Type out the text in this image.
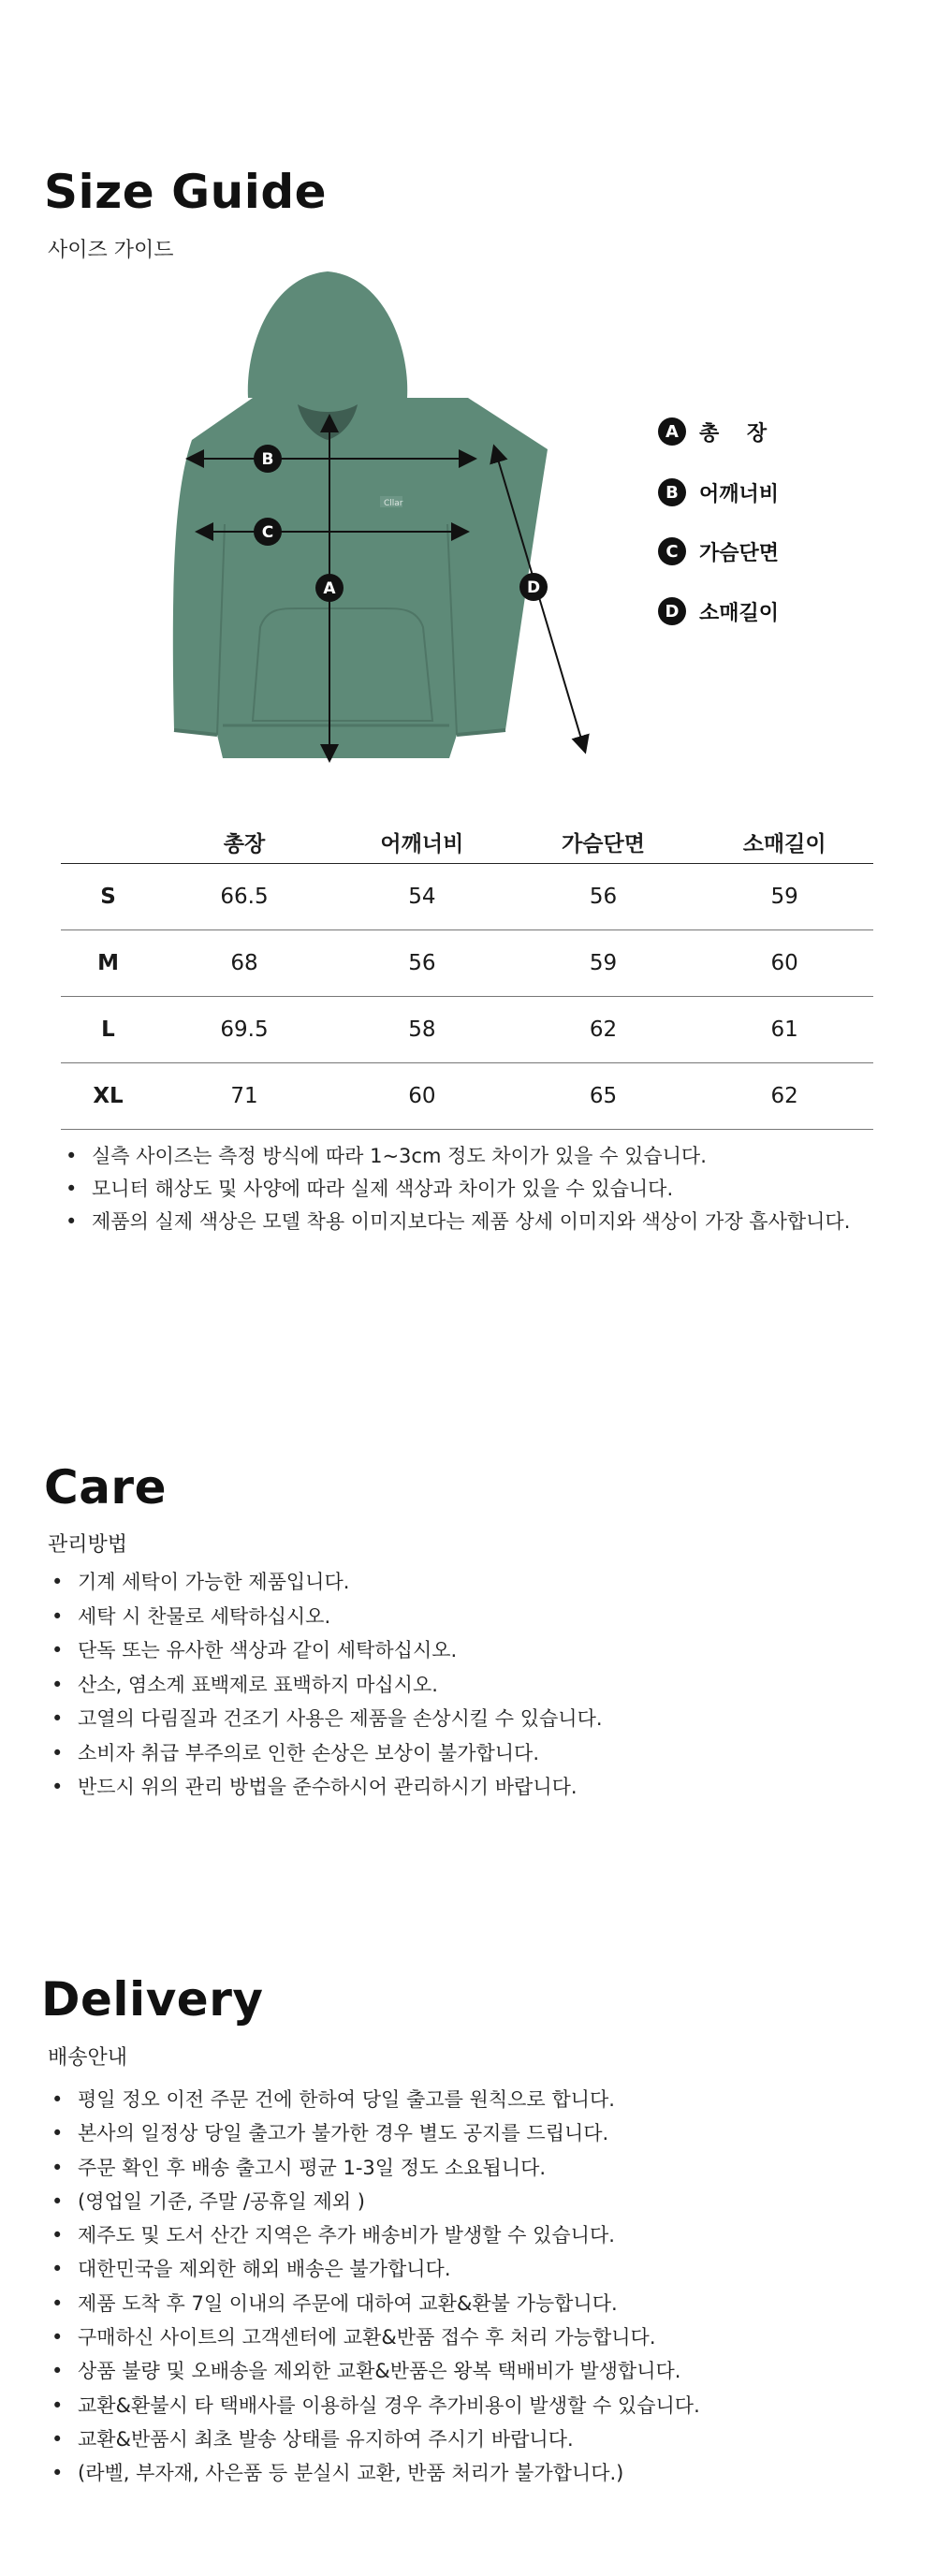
Size Guide
사이즈 가이드
Cllar
A
B
C
D
A	총　 장
B	어깨너비
C	가슴단면
D 소매길이
	총장	어깨너비	가슴단면	소매길이
S	66.5	54	56	59
M	68	56	59	60
L	69.5	58	62	61
XL	71	60	65	62
• 실측 사이즈는 측정 방식에 따라 1~3cm 정도 차이가 있을 수 있습니다.
• 모니터 해상도 및 사양에 따라 실제 색상과 차이가 있을 수 있습니다.
• 제품의 실제 색상은 모델 착용 이미지보다는 제품 상세 이미지와 색상이 가장 흡사합니다.
Care
관리방법
• 기계 세탁이 가능한 제품입니다.
• 세탁 시 찬물로 세탁하십시오.
• 단독 또는 유사한 색상과 같이 세탁하십시오.
• 산소, 염소계 표백제로 표백하지 마십시오.
• 고열의 다림질과 건조기 사용은 제품을 손상시킬 수 있습니다.
• 소비자 취급 부주의로 인한 손상은 보상이 불가합니다.
• 반드시 위의 관리 방법을 준수하시어 관리하시기 바랍니다.
Delivery
배송안내
• 평일 정오 이전 주문 건에 한하여 당일 출고를 원칙으로 합니다.
• 본사의 일정상 당일 출고가 불가한 경우 별도 공지를 드립니다.
• 주문 확인 후 배송 출고시 평균 1-3일 정도 소요됩니다.
• (영업일 기준, 주말 /공휴일 제외 )
• 제주도 및 도서 산간 지역은 추가 배송비가 발생할 수 있습니다.
• 대한민국을 제외한 해외 배송은 불가합니다.
• 제품 도착 후 7일 이내의 주문에 대하여 교환&환불 가능합니다.
• 구매하신 사이트의 고객센터에 교환&반품 접수 후 처리 가능합니다.
• 상품 불량 및 오배송을 제외한 교환&반품은 왕복 택배비가 발생합니다.
• 교환&환불시 타 택배사를 이용하실 경우 추가비용이 발생할 수 있습니다.
• 교환&반품시 최초 발송 상태를 유지하여 주시기 바랍니다.
• (라벨, 부자재, 사은품 등 분실시 교환, 반품 처리가 불가합니다.)
